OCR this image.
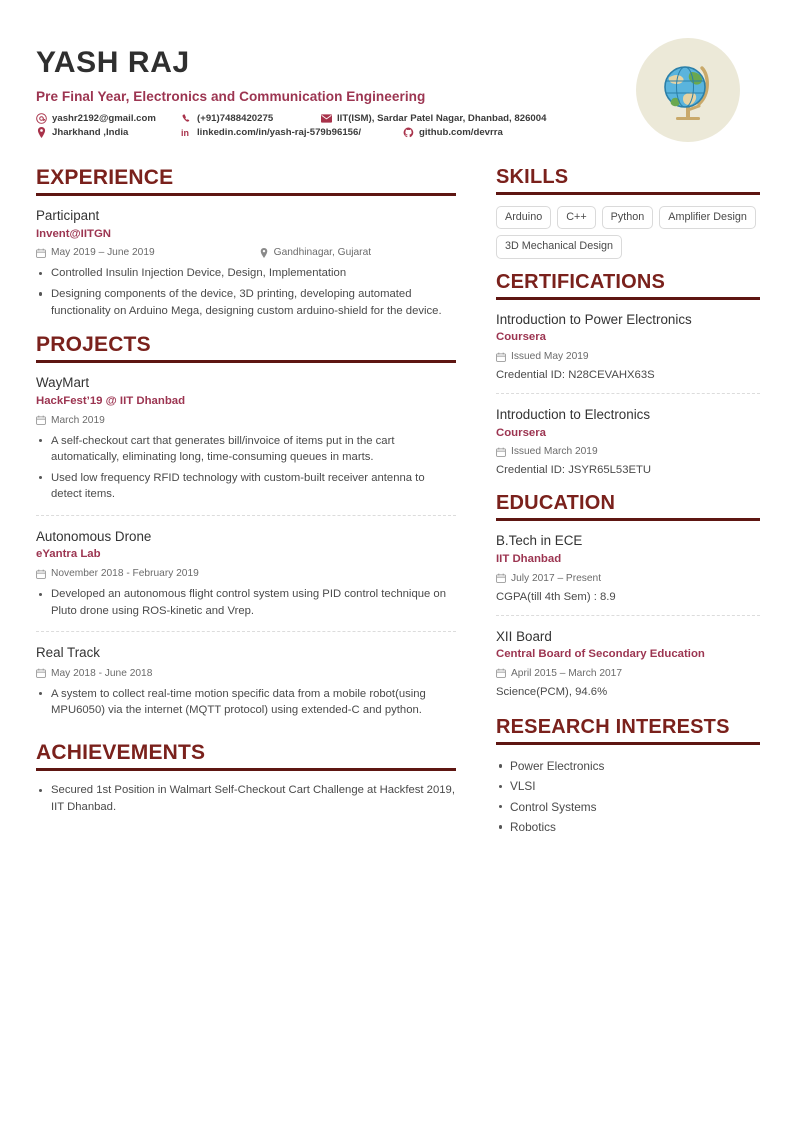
YASH RAJ
Pre Final Year, Electronics and Communication Engineering
yashr2192@gmail.com	(+91)7488420275	IIT(ISM), Sardar Patel Nagar, Dhanbad, 826004
Jharkhand ,India	in linkedin.com/in/yash-raj-579b96156/	github.com/devrra
EXPERIENCE
Participant
Invent@IITGN
May 2019 – June 2019	Gandhinagar, Gujarat
Controlled Insulin Injection Device, Design, Implementation
Designing components of the device, 3D printing, developing automated functionality on Arduino Mega, designing custom arduino-shield for the device.
PROJECTS
WayMart
HackFest’19 @ IIT Dhanbad
March 2019
A self-checkout cart that generates bill/invoice of items put in the cart automatically, eliminating long, time-consuming queues in marts.
Used low frequency RFID technology with custom-built receiver antenna to detect items.
Autonomous Drone
eYantra Lab
November 2018 - February 2019
Developed an autonomous flight control system using PID control technique on Pluto drone using ROS-kinetic and Vrep.
Real Track
May 2018 - June 2018
A system to collect real-time motion specific data from a mobile robot(using MPU6050) via the internet (MQTT protocol) using extended-C and python.
ACHIEVEMENTS
Secured 1st Position in Walmart Self-Checkout Cart Challenge at Hackfest 2019, IIT Dhanbad.
SKILLS
Arduino	C++	Python	Amplifier Design
3D Mechanical Design
CERTIFICATIONS
Introduction to Power Electronics
Coursera
Issued May 2019
Credential ID: N28CEVAHX63S
Introduction to Electronics
Coursera
Issued March 2019
Credential ID: JSYR65L53ETU
EDUCATION
B.Tech in ECE
IIT Dhanbad
July 2017 – Present
CGPA(till 4th Sem) : 8.9
XII Board
Central Board of Secondary Education
April 2015 – March 2017
Science(PCM), 94.6%
RESEARCH INTERESTS
Power Electronics
VLSI
Control Systems
Robotics
